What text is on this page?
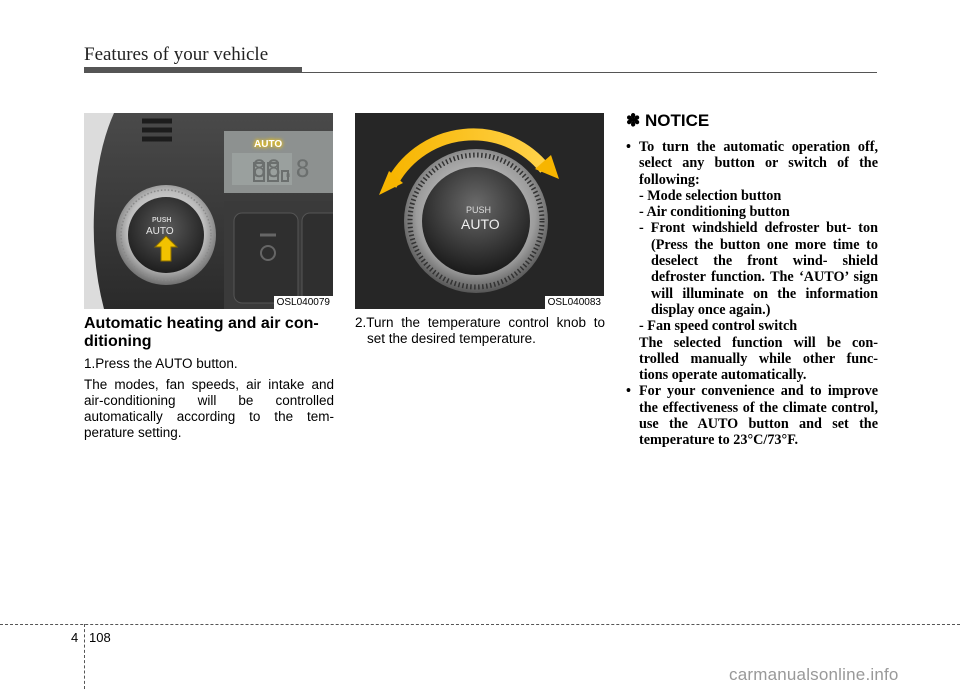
Features of your vehicle
AUTO
88.8
PUSH
AUTO
OSL040079
PUSH
AUTO
OSL040083
Automatic heating and air con- ditioning
1.Press the AUTO button.
The modes, fan speeds, air intake and air-conditioning will be controlled automatically according to the tem- perature setting.
2.Turn the temperature control knob to set the desired temperature.
✽ NOTICE
• To turn the automatic operation off, select any button or switch of the following:
- Mode selection button
- Air conditioning button
- Front windshield defroster but- ton (Press the button one more time to deselect the front wind- shield defroster function. The ‘AUTO’ sign will illuminate on the information display once again.)
- Fan speed control switch
The selected function will be con- trolled manually while other func- tions operate automatically.
• For your convenience and to improve the effectiveness of the climate control, use the AUTO button and set the temperature to 23°C/73°F.
4 108
carmanualsonline.info
